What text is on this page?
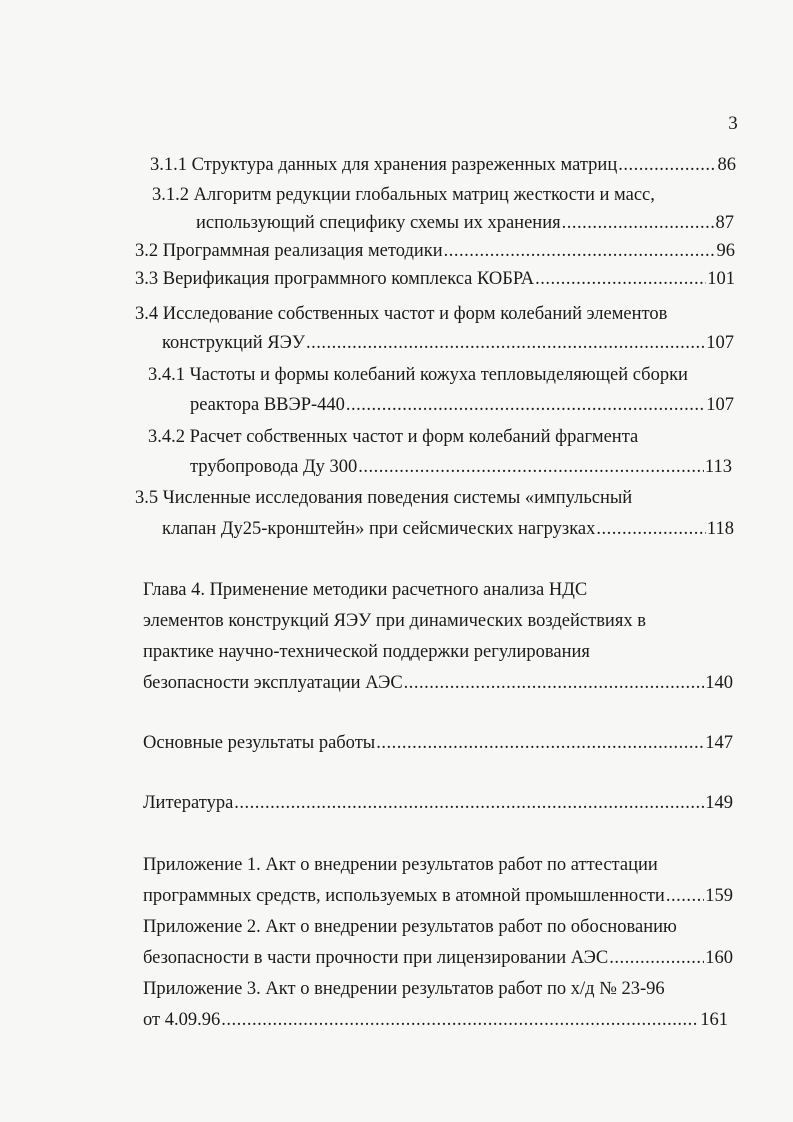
3
3.1.1 Структура данных для хранения разреженных матриц .....	86
3.1.2 Алгоритм редукции глобальных матриц жесткости и масс,
использующий специфику схемы их хранения .....	87
3.2 Программная реализация методики .....	96
3.3 Верификация программного комплекса КОБРА .....	101
3.4 Исследование собственных частот и форм колебаний элементов
конструкций ЯЭУ .....	107
3.4.1 Частоты и формы колебаний кожуха тепловыделяющей сборки
реактора ВВЭР-440 .....	107
3.4.2 Расчет собственных частот и форм колебаний фрагмента
трубопровода Ду 300 .....	113
3.5 Численные исследования поведения системы «импульсный
клапан Ду25-кронштейн» при сейсмических нагрузках .....	118
Глава 4. Применение методики расчетного анализа НДС
элементов конструкций ЯЭУ при динамических воздействиях в
практике научно-технической поддержки регулирования
безопасности эксплуатации АЭС .....	140
Основные результаты работы .....	147
Литература .....	149
Приложение 1. Акт о внедрении результатов работ по аттестации
программных средств, используемых в атомной промышленности ..... 159
Приложение 2. Акт о внедрении результатов работ по обоснованию
безопасности в части прочности при лицензировании АЭС .....	160
Приложение 3. Акт о внедрении результатов работ по х/д № 23-96
от 4.09.96 .....	161
